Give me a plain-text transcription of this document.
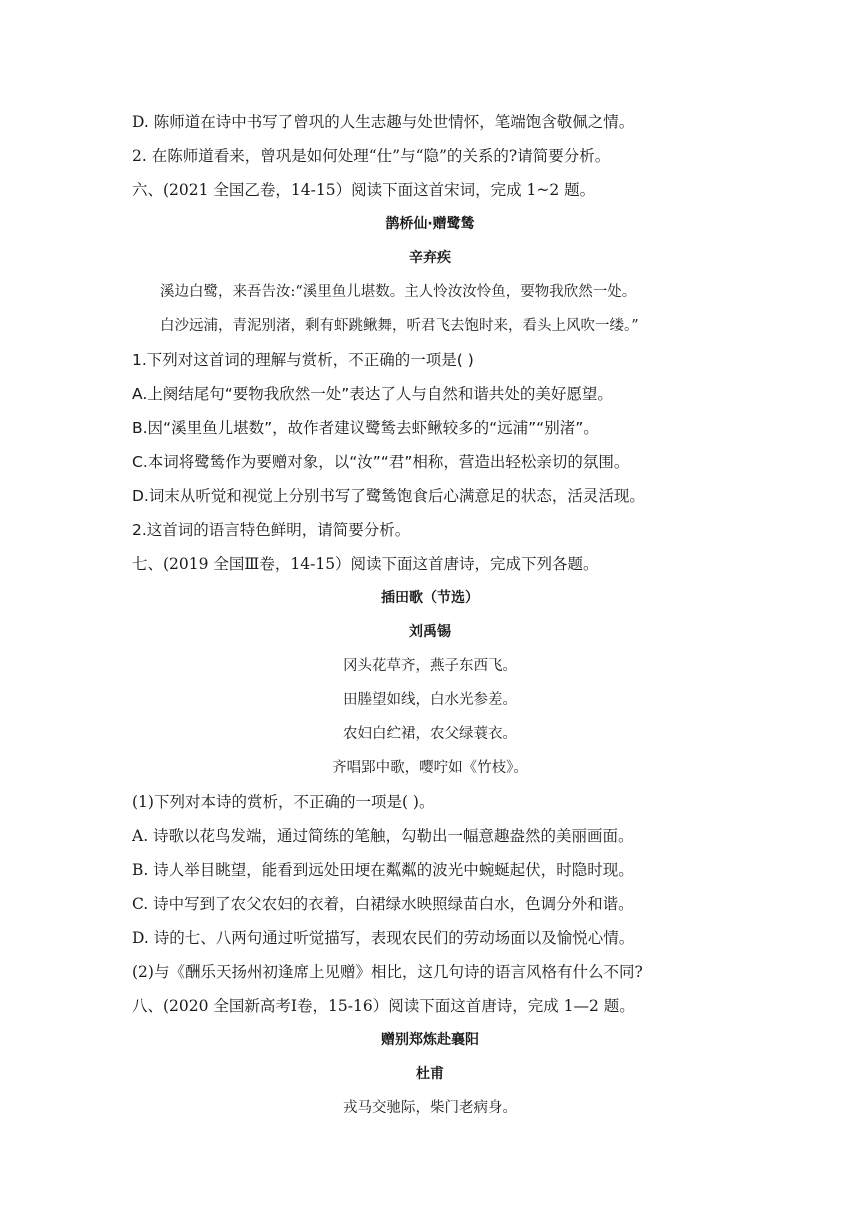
D. 陈师道在诗中书写了曾巩的人生志趣与处世情怀，笔端饱含敬佩之情。
2. 在陈师道看来，曾巩是如何处理“仕”与“隐”的关系的?请简要分析。
六、(2021 全国乙卷，14-15）阅读下面这首宋词，完成 1~2 题。
鹊桥仙·赠鹭鸶
辛弃疾
溪边白鹭，来吾告汝:“溪里鱼儿堪数。主人怜汝汝怜鱼，要物我欣然一处。
白沙远浦，青泥别渚，剩有虾跳鳅舞，听君飞去饱时来，看头上风吹一缕。”
1.下列对这首词的理解与赏析，不正确的一项是( )
A.上阕结尾句“要物我欣然一处”表达了人与自然和谐共处的美好愿望。
B.因“溪里鱼儿堪数”，故作者建议鹭鸶去虾鳅较多的“远浦”“别渚”。
C.本词将鹭鸶作为要赠对象，以“汝”“君”相称，营造出轻松亲切的氛围。
D.词末从听觉和视觉上分别书写了鹭鸶饱食后心满意足的状态，活灵活现。
2.这首词的语言特色鲜明，请简要分析。
七、(2019 全国Ⅲ卷，14-15）阅读下面这首唐诗，完成下列各题。
插田歌（节选）
刘禹锡
冈头花草齐，燕子东西飞。
田塍望如线，白水光参差。
农妇白纻裙，农父绿蓑衣。
齐唱郢中歌，嘤咛如《竹枝》。
(1)下列对本诗的赏析，不正确的一项是( )。
A. 诗歌以花鸟发端，通过简练的笔触，勾勒出一幅意趣盎然的美丽画面。
B. 诗人举目眺望，能看到远处田埂在粼粼的波光中蜿蜒起伏，时隐时现。
C. 诗中写到了农父农妇的衣着，白裙绿水映照绿苗白水，色调分外和谐。
D. 诗的七、八两句通过听觉描写，表现农民们的劳动场面以及愉悦心情。
(2)与《酬乐天扬州初逢席上见赠》相比，这几句诗的语言风格有什么不同?
八、(2020 全国新高考Ⅰ卷，15-16）阅读下面这首唐诗，完成 1—2 题。
赠别郑炼赴襄阳
杜甫
戎马交驰际，柴门老病身。
